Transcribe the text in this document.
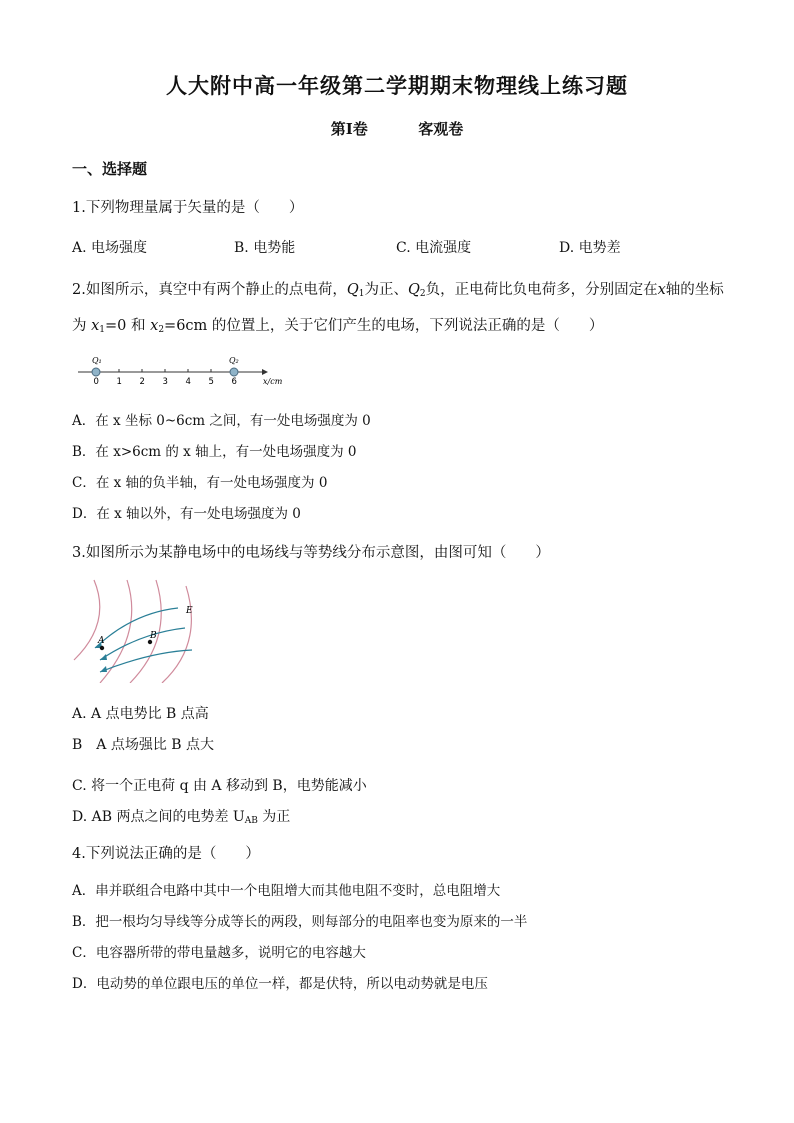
人大附中高一年级第二学期期末物理线上练习题
第Ⅰ卷	客观卷
一、选择题
1.下列物理量属于矢量的是（　　）
A. 电场强度	B. 电势能	C. 电流强度	D. 电势差
2.如图所示，真空中有两个静止的点电荷，$Q_1$为正、$Q_2$负，正电荷比负电荷多，分别固定在x轴的坐标
为 $x_1=0$ 和 $x_2=6cm$ 的位置上，关于它们产生的电场，下列说法正确的是（　　）
0 1 2 3 4 5 6
Q₁	Q₂
x/cm
A．在 x 坐标 0~6cm 之间，有一处电场强度为 0
B．在 x>6cm 的 x 轴上，有一处电场强度为 0
C．在 x 轴的负半轴，有一处电场强度为 0
D．在 x 轴以外，有一处电场强度为 0
3.如图所示为某静电场中的电场线与等势线分布示意图，由图可知（　　）
A	B
E
A. A 点电势比 B 点高
B　A 点场强比 B 点大
C. 将一个正电荷 q 由 A 移动到 B，电势能减小
D. AB 两点之间的电势差 $U_{AB}$ 为正
4.下列说法正确的是（　　）
A．串并联组合电路中其中一个电阻增大而其他电阻不变时，总电阻增大
B．把一根均匀导线等分成等长的两段，则每部分的电阻率也变为原来的一半
C．电容器所带的带电量越多，说明它的电容越大
D．电动势的单位跟电压的单位一样，都是伏特，所以电动势就是电压
